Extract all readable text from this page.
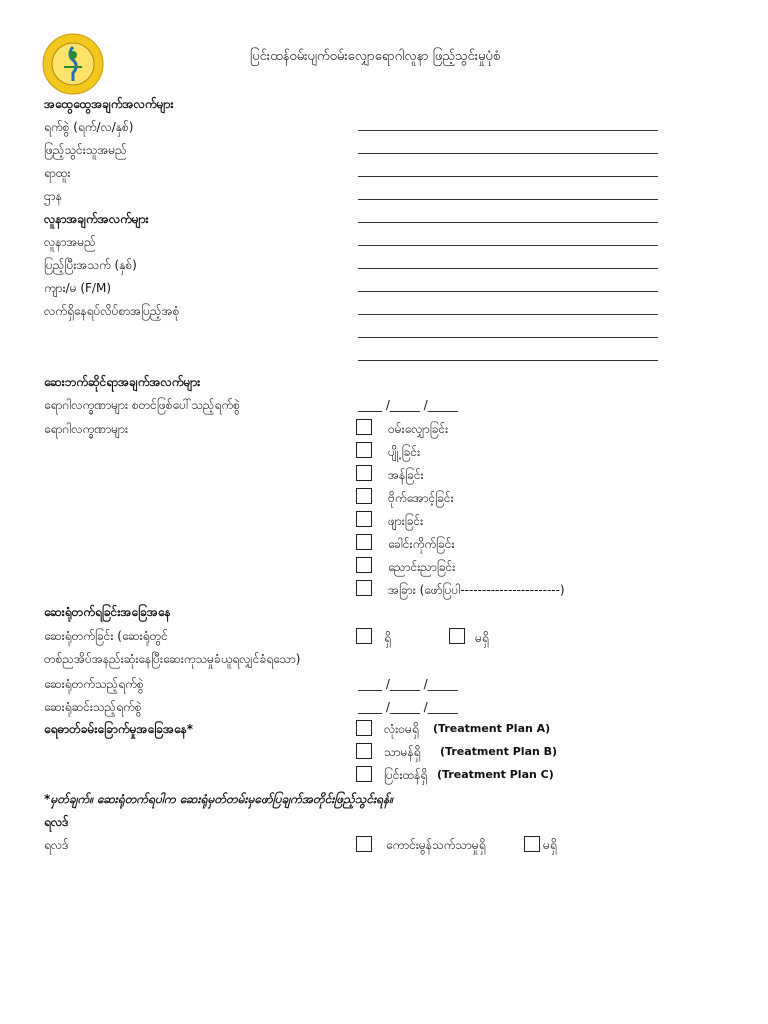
ပြင်းထန်ဝမ်းပျက်ဝမ်းလျှောရောဂါလူနာ ဖြည့်သွင်းမှုပုံစံ
အထွေထွေအချက်အလက်များ
ရက်စွဲ (ရက်/လ/နှစ်)
ဖြည့်သွင်းသူအမည်
ရာထူး
ဌာန
လူနာအချက်အလက်များ
လူနာအမည်
ပြည့်ပြီးအသက် (နှစ်)
ကျား/မ (F/M)
လက်ရှိနေရပ်လိပ်စာအပြည့်အစုံ
ဆေးဘက်ဆိုင်ရာအချက်အလက်များ
ရောဂါလက္ခဏာများ စတင်ဖြစ်ပေါ်သည့်ရက်စွဲ	____ /_____ /_____
ရောဂါလက္ခဏာများ	ဝမ်းလျှောခြင်း
ပျို့ခြင်း
အန်ခြင်း
ဗိုက်အောင့်ခြင်း
ဖျားခြင်း
ခေါင်းကိုက်ခြင်း
ညောင်းညာခြင်း
အခြား (ဖော်ပြပါ-----------------------)
ဆေးရုံတက်ရခြင်းအခြေအနေ
ဆေးရုံတက်ခြင်း (ဆေးရုံတွင်
တစ်ညအိပ်အနည်းဆုံးနေပြီးဆေးကုသမှုခံယူရလျှင်ခံရသော)
ရှိ	မရှိ
ဆေးရုံတက်သည့်ရက်စွဲ	____ /_____ /_____
ဆေးရုံဆင်းသည့်ရက်စွဲ	____ /_____ /_____
ရေဓာတ်ခမ်းခြောက်မှုအခြေအနေ*	လုံးဝမရှိ (Treatment Plan A)
သာမန်ရှိ (Treatment Plan B)
ပြင်းထန်ရှိ (Treatment Plan C)
*မှတ်ချက်။ ဆေးရုံတက်ရပါက ဆေးရုံမှတ်တမ်းမှဖော်ပြချက်အတိုင်းဖြည့်သွင်းရန်။
ရလဒ်
ရလဒ်	ကောင်းမွန်သက်သာမှုရှိ	မရှိ
